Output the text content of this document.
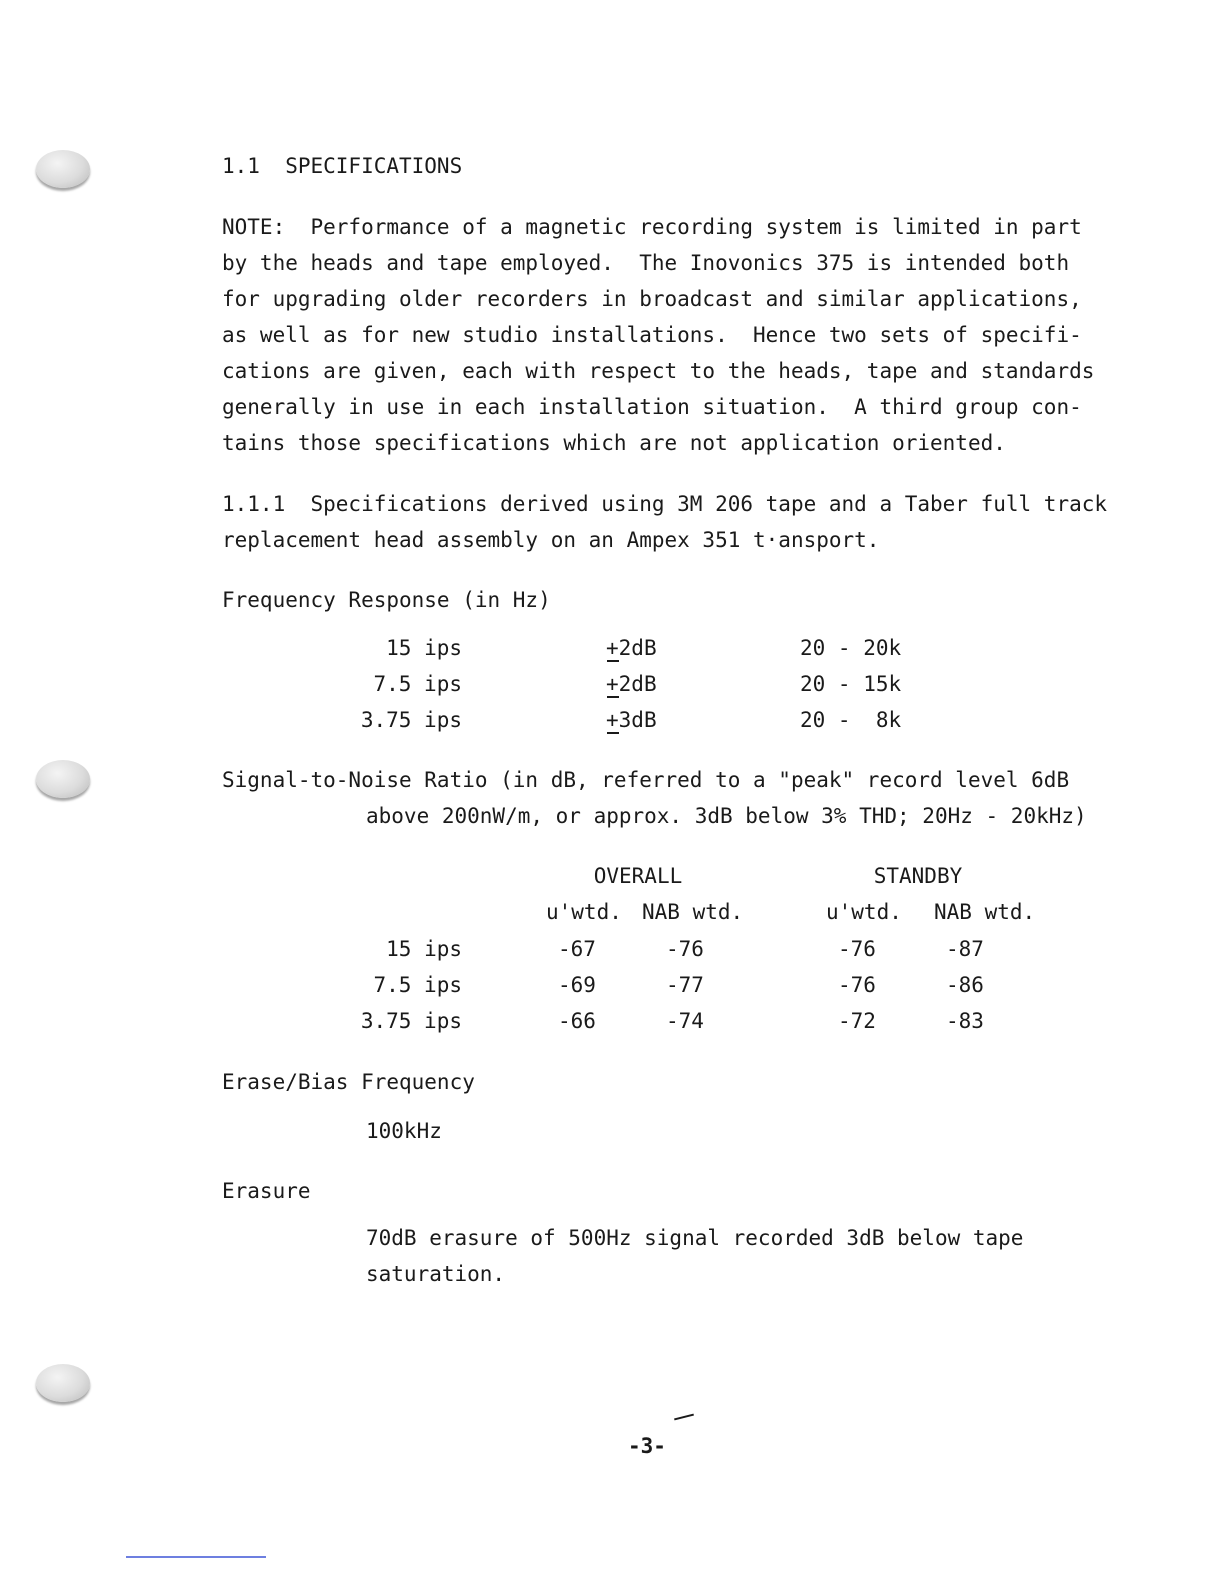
1.1  SPECIFICATIONS
NOTE:  Performance of a magnetic recording system is limited in part
by the heads and tape employed.  The Inovonics 375 is intended both
for upgrading older recorders in broadcast and similar applications,
as well as for new studio installations.  Hence two sets of specifi-
cations are given, each with respect to the heads, tape and standards
generally in use in each installation situation.  A third group con-
tains those specifications which are not application oriented.
1.1.1  Specifications derived using 3M 206 tape and a Taber full track
replacement head assembly on an Ampex 351 t·ansport.
Frequency Response (in Hz)
15 ips	+2dB	20 - 20k
7.5 ips	+2dB	20 - 15k
3.75 ips	+3dB	20 -  8k
Signal-to-Noise Ratio (in dB, referred to a "peak" record level 6dB
above 200nW/m, or approx. 3dB below 3% THD; 20Hz - 20kHz)
OVERALL	STANDBY
u'wtd. NAB wtd.	u'wtd. NAB wtd.
15 ips	-67	-76	-76	-87
7.5 ips	-69	-77	-76	-86
3.75 ips	-66	-74	-72	-83
Erase/Bias Frequency
100kHz
Erasure
70dB erasure of 500Hz signal recorded 3dB below tape
saturation.
-3-
